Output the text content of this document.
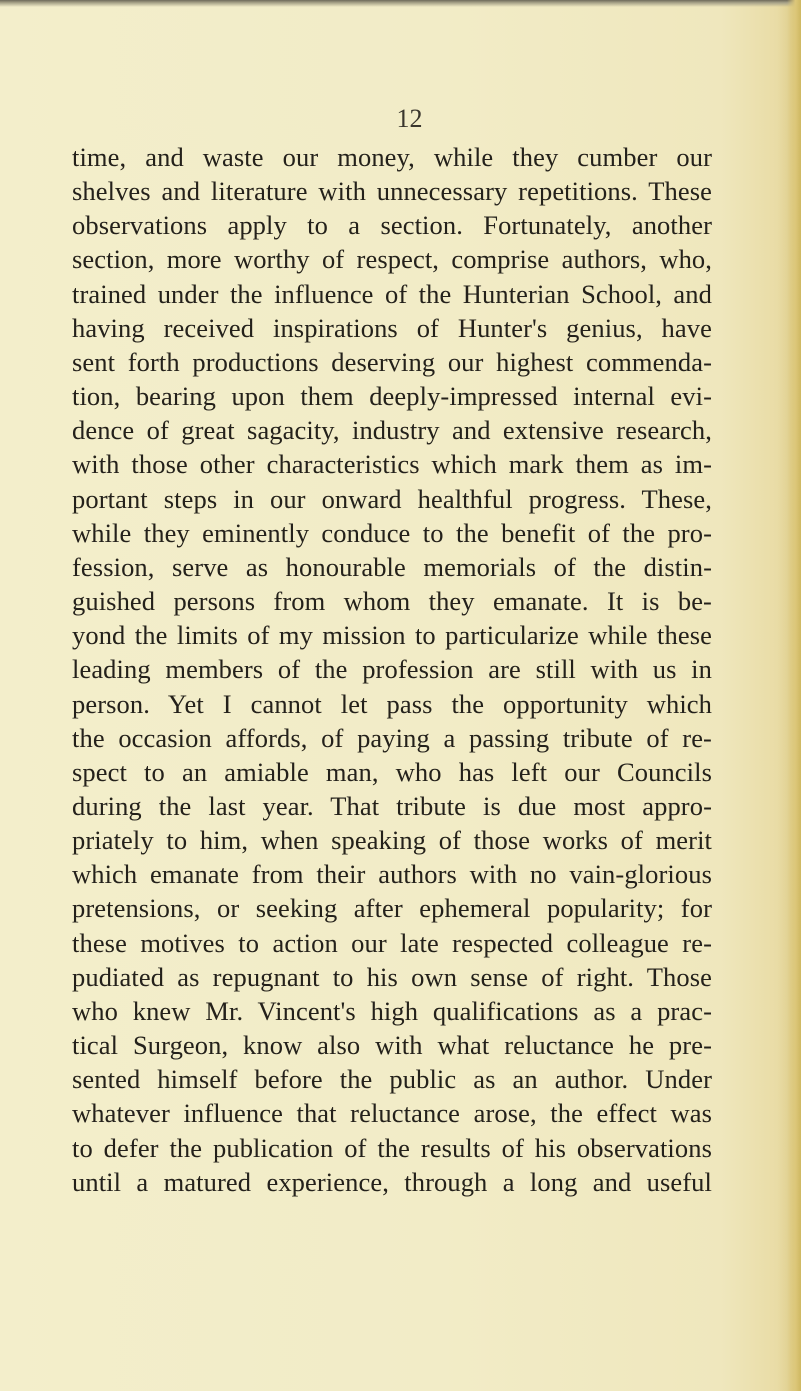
12
time, and waste our money, while they cumber our
shelves and literature with unnecessary repetitions. These
observations apply to a section. Fortunately, another
section, more worthy of respect, comprise authors, who,
trained under the influence of the Hunterian School, and
having received inspirations of Hunter's genius, have
sent forth productions deserving our highest commenda-
tion, bearing upon them deeply-impressed internal evi-
dence of great sagacity, industry and extensive research,
with those other characteristics which mark them as im-
portant steps in our onward healthful progress. These,
while they eminently conduce to the benefit of the pro-
fession, serve as honourable memorials of the distin-
guished persons from whom they emanate. It is be-
yond the limits of my mission to particularize while these
leading members of the profession are still with us in
person. Yet I cannot let pass the opportunity which
the occasion affords, of paying a passing tribute of re-
spect to an amiable man, who has left our Councils
during the last year. That tribute is due most appro-
priately to him, when speaking of those works of merit
which emanate from their authors with no vain-glorious
pretensions, or seeking after ephemeral popularity; for
these motives to action our late respected colleague re-
pudiated as repugnant to his own sense of right. Those
who knew Mr. Vincent's high qualifications as a prac-
tical Surgeon, know also with what reluctance he pre-
sented himself before the public as an author. Under
whatever influence that reluctance arose, the effect was
to defer the publication of the results of his observations
until a matured experience, through a long and useful
